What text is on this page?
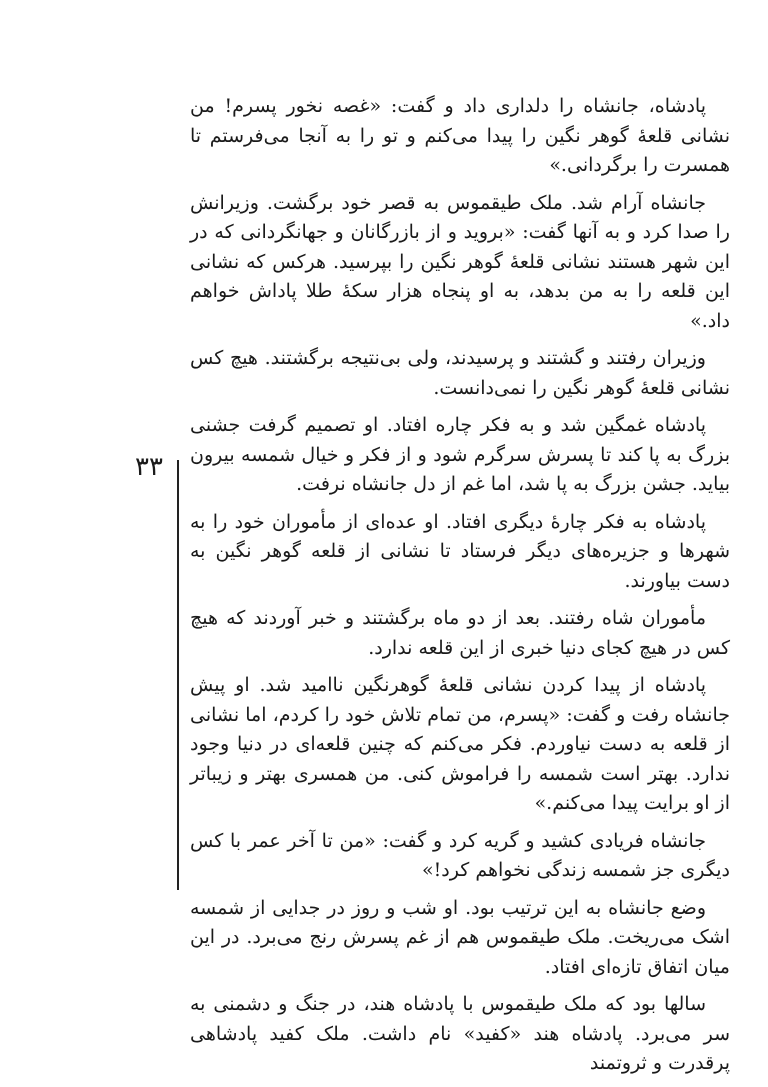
پادشاه، جانشاه را دلداری داد و گفت: «غصه نخور پسرم! من نشانی قلعهٔ گوهر نگین را پیدا می‌کنم و تو را به آنجا می‌فرستم تا همسرت را برگردانی.»

جانشاه آرام شد. ملک طیقموس به قصر خود برگشت. وزیرانش را صدا کرد و به آنها گفت: «بروید و از بازرگانان و جهانگردانی که در این شهر هستند نشانی قلعهٔ گوهر نگین را بپرسید. هرکس که نشانی این قلعه را به من بدهد، به او پنجاه هزار سکهٔ طلا پاداش خواهم داد.»

وزیران رفتند و گشتند و پرسیدند، ولی بی‌نتیجه برگشتند. هیچ کس نشانی قلعهٔ گوهر نگین را نمی‌دانست.

پادشاه غمگین شد و به فکر چاره افتاد. او تصمیم گرفت جشنی بزرگ به پا کند تا پسرش سرگرم شود و از فکر و خیال شمسه بیرون بیاید. جشن بزرگ به پا شد، اما غم از دل جانشاه نرفت.

پادشاه به فکر چارهٔ دیگری افتاد. او عده‌ای از مأموران خود را به شهرها و جزیره‌های دیگر فرستاد تا نشانی از قلعه گوهر نگین به دست بیاورند.

مأموران شاه رفتند. بعد از دو ماه برگشتند و خبر آوردند که هیچ کس در هیچ کجای دنیا خبری از این قلعه ندارد.

پادشاه از پیدا کردن نشانی قلعهٔ گوهرنگین ناامید شد. او پیش جانشاه رفت و گفت: «پسرم، من تمام تلاش خود را کردم، اما نشانی از قلعه به دست نیاوردم. فکر می‌کنم که چنین قلعه‌ای در دنیا وجود ندارد. بهتر است شمسه را فراموش کنی. من همسری بهتر و زیباتر از او برایت پیدا می‌کنم.»

جانشاه فریادی کشید و گریه کرد و گفت: «من تا آخر عمر با کس دیگری جز شمسه زندگی نخواهم کرد!»

وضع جانشاه به این ترتیب بود. او شب و روز در جدایی از شمسه اشک می‌ریخت. ملک طیقموس هم از غم پسرش رنج می‌برد. در این میان اتفاق تازه‌ای افتاد.

سالها بود که ملک طیقموس با پادشاه هند، در جنگ و دشمنی به سر می‌برد. پادشاه هند «کفید» نام داشت. ملک کفید پادشاهی پرقدرت و ثروتمند

۳۳
